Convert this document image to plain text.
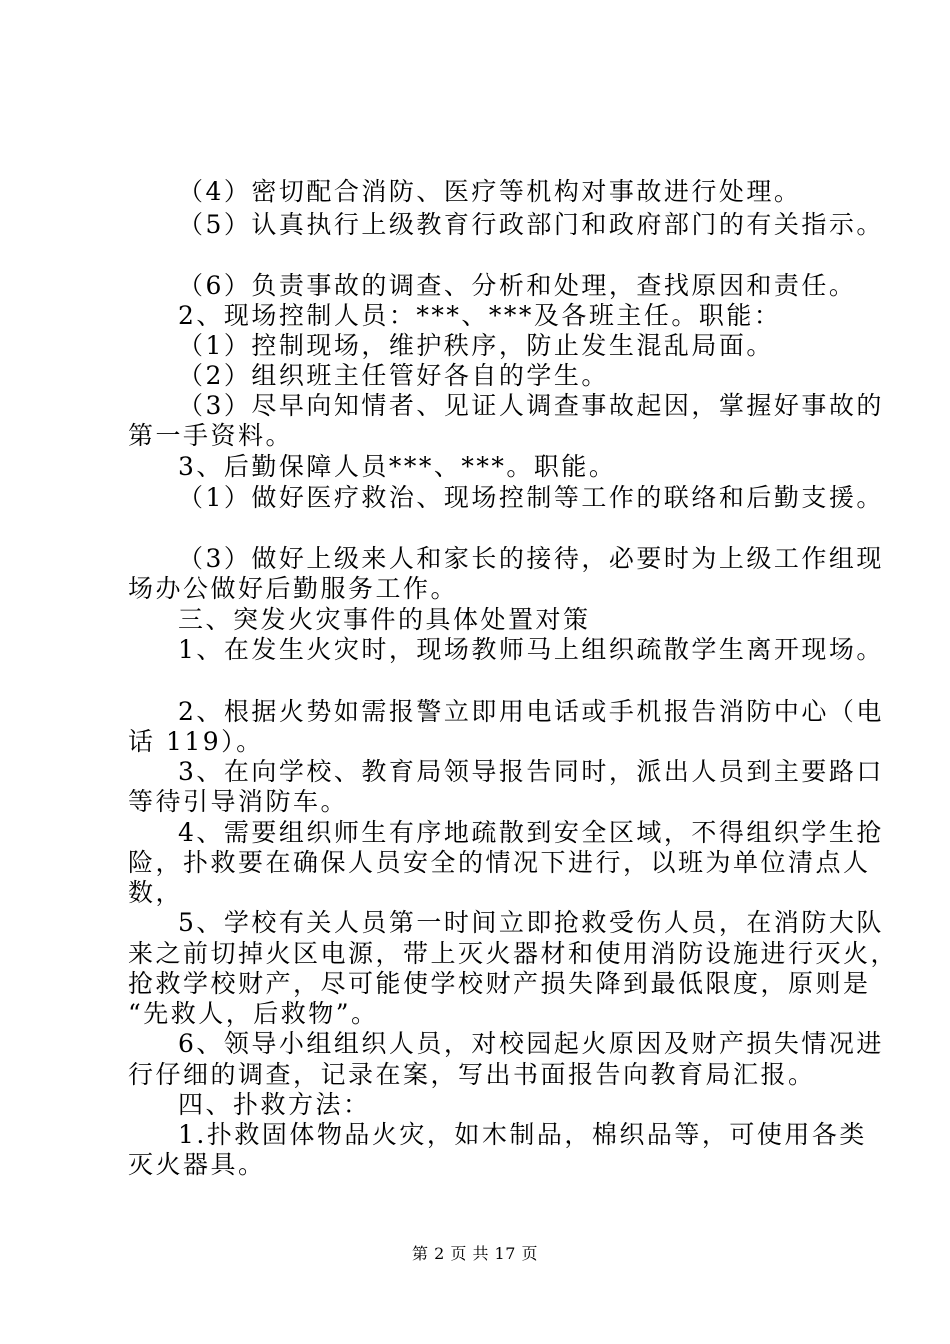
（4）密切配合消防、医疗等机构对事故进行处理。
（5）认真执行上级教育行政部门和政府部门的有关指示。
（6）负责事故的调查、分析和处理，查找原因和责任。
2、现场控制人员：***、***及各班主任。职能：
（1）控制现场，维护秩序，防止发生混乱局面。
（2）组织班主任管好各自的学生。
（3）尽早向知情者、见证人调查事故起因，掌握好事故的
第一手资料。
3、后勤保障人员***、***。职能。
（1）做好医疗救治、现场控制等工作的联络和后勤支援。
（3）做好上级来人和家长的接待，必要时为上级工作组现
场办公做好后勤服务工作。
三、突发火灾事件的具体处置对策
1、在发生火灾时，现场教师马上组织疏散学生离开现场。
2、根据火势如需报警立即用电话或手机报告消防中心（电
话 119）。
3、在向学校、教育局领导报告同时，派出人员到主要路口
等待引导消防车。
4、需要组织师生有序地疏散到安全区域，不得组织学生抢
险，扑救要在确保人员安全的情况下进行，以班为单位清点人
数，
5、学校有关人员第一时间立即抢救受伤人员，在消防大队
来之前切掉火区电源，带上灭火器材和使用消防设施进行灭火，
抢救学校财产，尽可能使学校财产损失降到最低限度，原则是
“先救人，后救物”。
6、领导小组组织人员，对校园起火原因及财产损失情况进
行仔细的调查，记录在案，写出书面报告向教育局汇报。
四、扑救方法：
1.扑救固体物品火灾，如木制品，棉织品等，可使用各类
灭火器具。
第 2 页 共 17 页
